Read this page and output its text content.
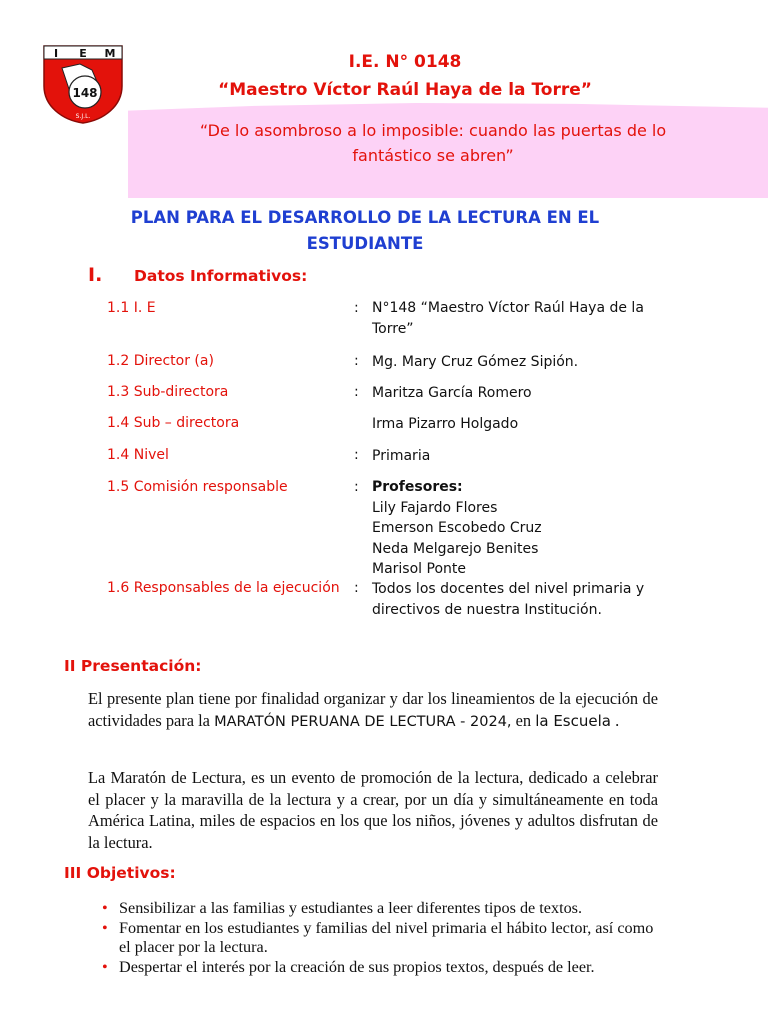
I E M
148
S.J.L.
I.E. N° 0148
“Maestro Víctor Raúl Haya de la Torre”
“De lo asombroso a lo imposible: cuando las puertas de lo fantástico se abren”
PLAN PARA EL DESARROLLO DE LA LECTURA EN EL ESTUDIANTE
I. Datos Informativos:
1.1 I. E	: N°148 “Maestro Víctor Raúl Haya de la Torre”
1.2 Director (a)	: Mg. Mary Cruz Gómez Sipión.
1.3 Sub-directora	: Maritza García Romero
1.4 Sub – directora	Irma Pizarro Holgado
1.4 Nivel	: Primaria
1.5 Comisión responsable	: Profesores:
Lily Fajardo Flores
Emerson Escobedo Cruz
Neda Melgarejo Benites
Marisol Ponte
1.6 Responsables de la ejecución : Todos los docentes del nivel primaria y directivos de nuestra Institución.
II Presentación:
El presente plan tiene por finalidad organizar y dar los lineamientos de la ejecución de actividades para la MARATÓN PERUANA DE LECTURA - 2024, en la Escuela .
La Maratón de Lectura, es un evento de promoción de la lectura, dedicado a celebrar el placer y la maravilla de la lectura y a crear, por un día y simultáneamente en toda América Latina, miles de espacios en los que los niños, jóvenes y adultos disfrutan de la lectura.
III Objetivos:
• Sensibilizar a las familias y estudiantes a leer diferentes tipos de textos.
• Fomentar en los estudiantes y familias del nivel primaria el hábito lector, así como el placer por la lectura.
• Despertar el interés por la creación de sus propios textos, después de leer.
